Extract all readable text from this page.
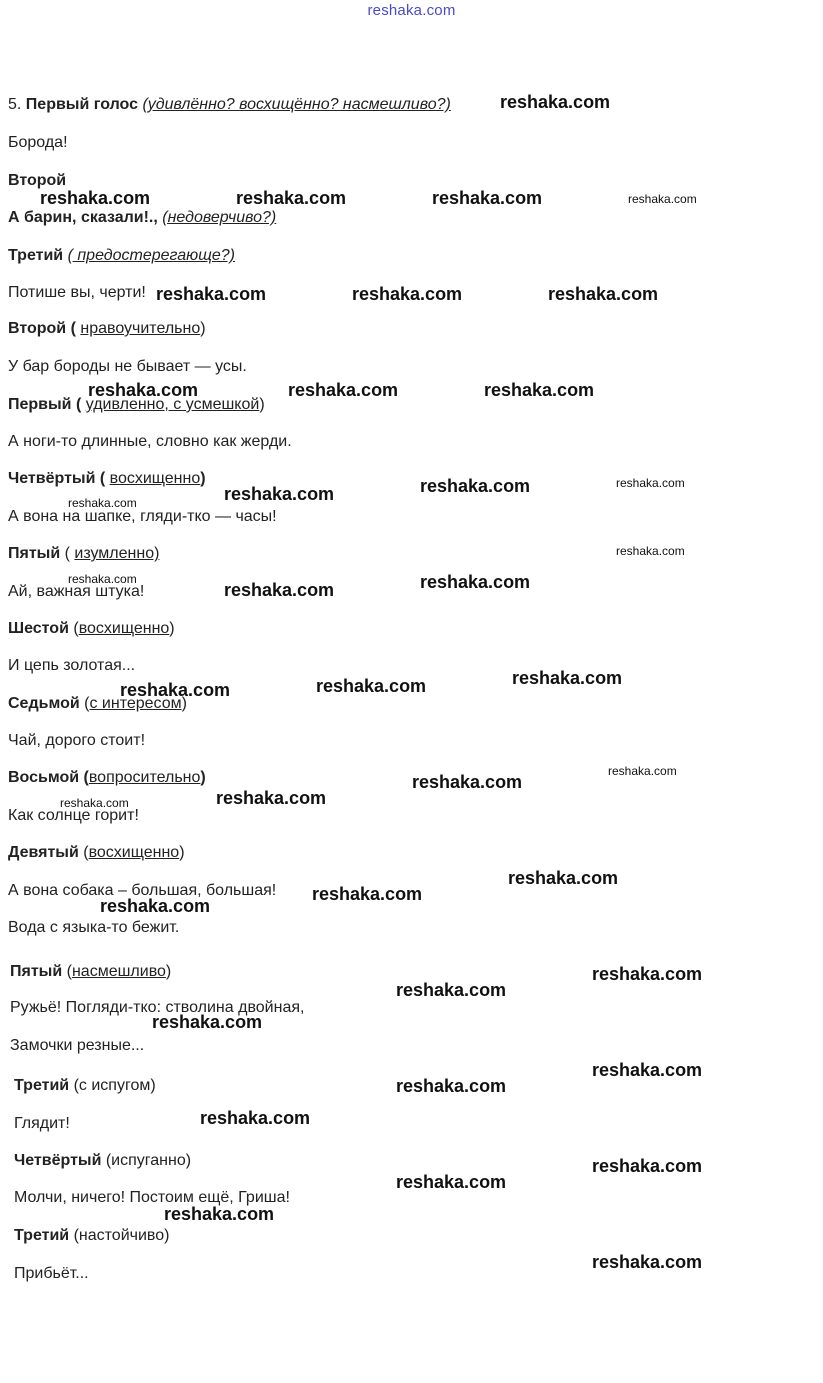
reshaka.com
5. Первый голос (удивлённо? восхищённо? насмешливо?)
Борода!
Второй
А барин, сказали!., (недоверчиво?)
Третий ( предостерегающе?)
Потише вы, черти!
Второй ( нравоучительно)
У бар бороды не бывает — усы.
Первый ( удивленно, с усмешкой)
А ноги-то длинные, словно как жерди.
Четвёртый ( восхищенно)
А вона на шапке, гляди-тко — часы!
Пятый ( изумленно)
Ай, важная штука!
Шестой (восхищенно)
И цепь золотая...
Седьмой (с интересом)
Чай, дорого стоит!
Восьмой (вопросительно)
Как солнце горит!
Девятый (восхищенно)
А вона собака – большая, большая!
Вода с языка-то бежит.
Пятый (насмешливо)
Ружьё! Погляди-тко: стволина двойная,
Замочки резные...
Третий (с испугом)
Глядит!
Четвёртый (испуганно)
Молчи, ничего! Постоим ещё, Гриша!
Третий (настойчиво)
Прибьёт...
reshaka.com
reshaka.com	reshaka.com	reshaka.com	reshaka.com
reshaka.com	reshaka.com	reshaka.com
reshaka.com	reshaka.com	reshaka.com
reshaka.com	reshaka.com	reshaka.com	reshaka.com
reshaka.com
reshaka.com
reshaka.com	reshaka.com
reshaka.com	reshaka.com	reshaka.com
reshaka.com
reshaka.com
reshaka.com
reshaka.com
reshaka.com
reshaka.com
reshaka.com
reshaka.com
reshaka.com
reshaka.com
reshaka.com
reshaka.com
reshaka.com
reshaka.com
reshaka.com
reshaka.com
reshaka.com
